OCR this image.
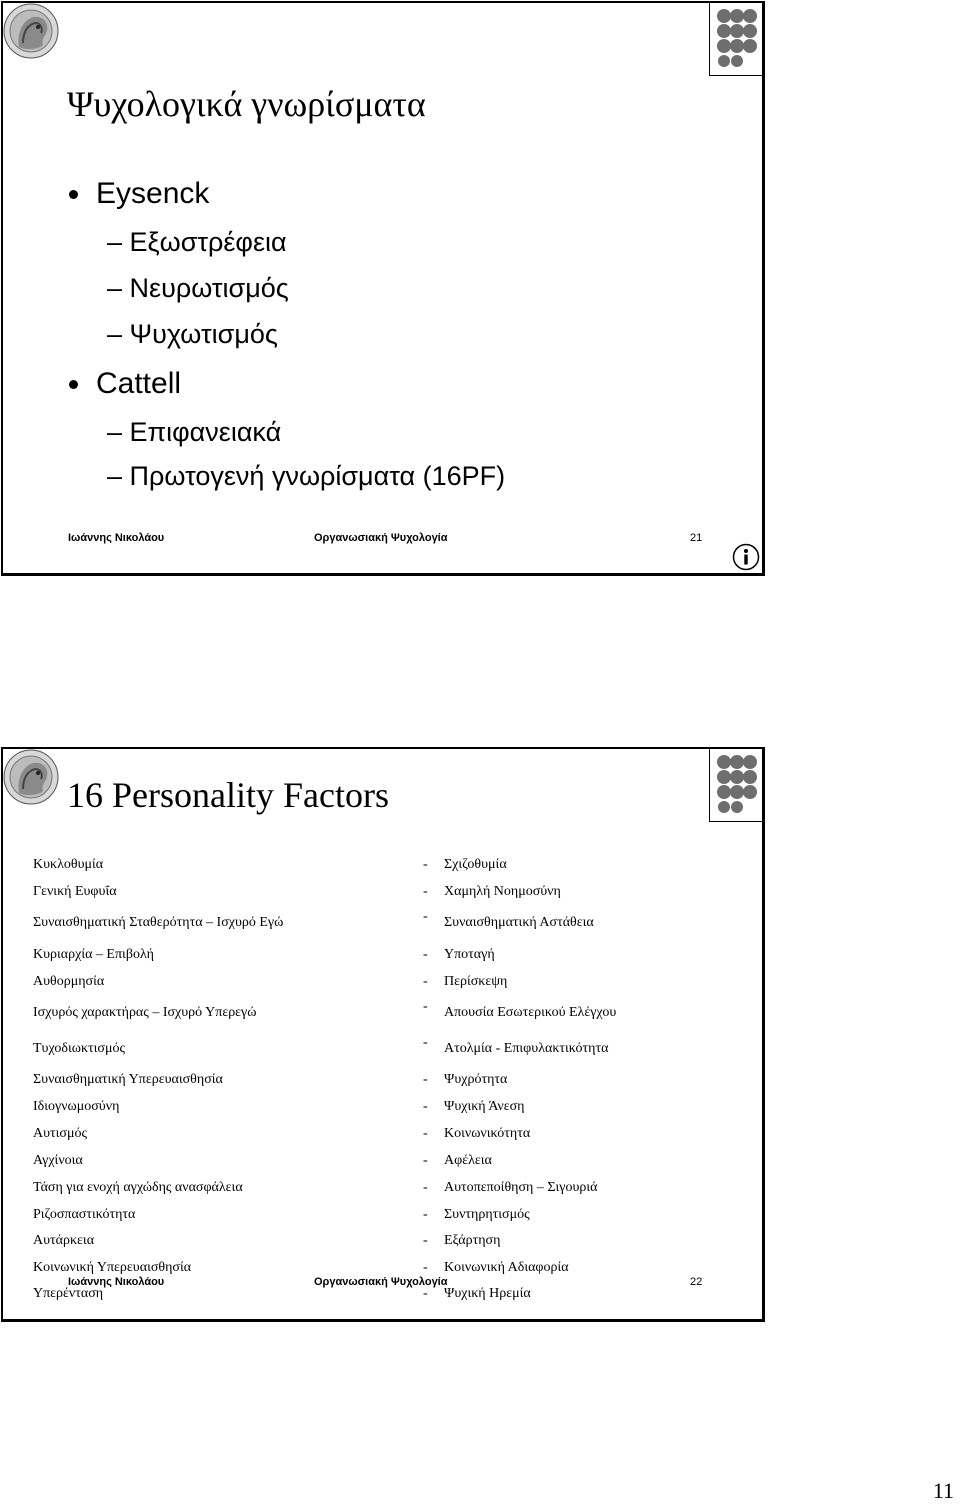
Ψυχολογικά γνωρίσματα
Eysenck
– Εξωστρέφεια
– Νευρωτισμός
– Ψυχωτισμός
Cattell
– Επιφανειακά
– Πρωτογενή γνωρίσματα (16PF)
Ιωάννης Νικολάου	Οργανωσιακή Ψυχολογία	21
16 Personality Factors
Κυκλοθυμία	- Σχιζοθυμία
Γενική Ευφυΐα	- Χαμηλή Νοημοσύνη
Συναισθηματική Σταθερότητα – Ισχυρό Εγώ	- Συναισθηματική Αστάθεια
Κυριαρχία – Επιβολή	- Υποταγή
Αυθορμησία	- Περίσκεψη
Ισχυρός χαρακτήρας – Ισχυρό Υπερεγώ	- Απουσία Εσωτερικού Ελέγχου
Τυχοδιωκτισμός	- Ατολμία - Επιφυλακτικότητα
Συναισθηματική Υπερευαισθησία	- Ψυχρότητα
Ιδιογνωμοσύνη	- Ψυχική Άνεση
Αυτισμός	- Κοινωνικότητα
Αγχίνοια	- Αφέλεια
Τάση για ενοχή αγχώδης ανασφάλεια	- Αυτοπεποίθηση – Σιγουριά
Ριζοσπαστικότητα	- Συντηρητισμός
Αυτάρκεια	- Εξάρτηση
Κοινωνική Υπερευαισθησία	- Κοινωνική Αδιαφορία
Υπερένταση	- Ψυχική Ηρεμία
Ιωάννης Νικολάου	Οργανωσιακή Ψυχολογία	22
11
